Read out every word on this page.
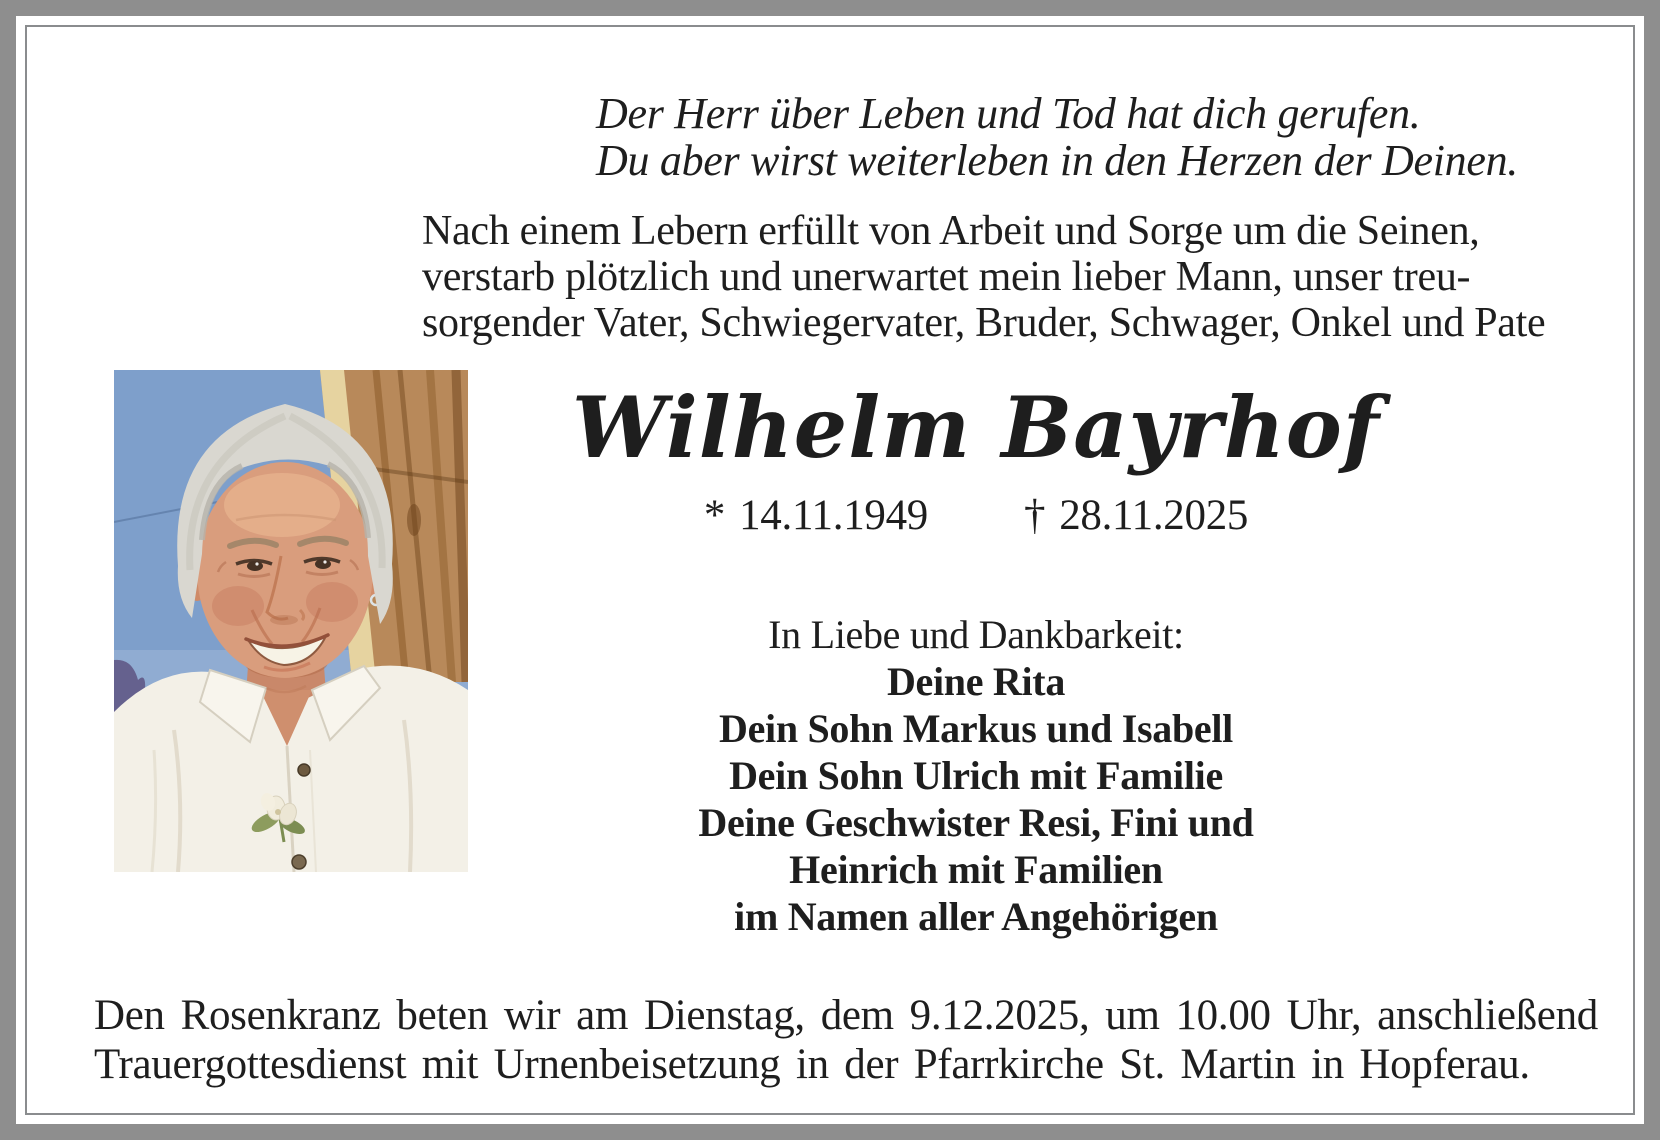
Der Herr über Leben und Tod hat dich gerufen.
Du aber wirst weiterleben in den Herzen der Deinen.
Nach einem Lebern erfüllt von Arbeit und Sorge um die Seinen,
verstarb plötzlich und unerwartet mein lieber Mann, unser treu-
sorgender Vater, Schwiegervater, Bruder, Schwager, Onkel und Pate
Wilhelm Bayrhof
* 14.11.1949 † 28.11.2025
In Liebe und Dankbarkeit:
Deine Rita
Dein Sohn Markus und Isabell
Dein Sohn Ulrich mit Familie
Deine Geschwister Resi, Fini und
Heinrich mit Familien
im Namen aller Angehörigen
Den Rosenkranz beten wir am Dienstag, dem 9.12.2025, um 10.00 Uhr, anschließend
Trauergottesdienst mit Urnenbeisetzung in der Pfarrkirche St. Martin in Hopferau.
